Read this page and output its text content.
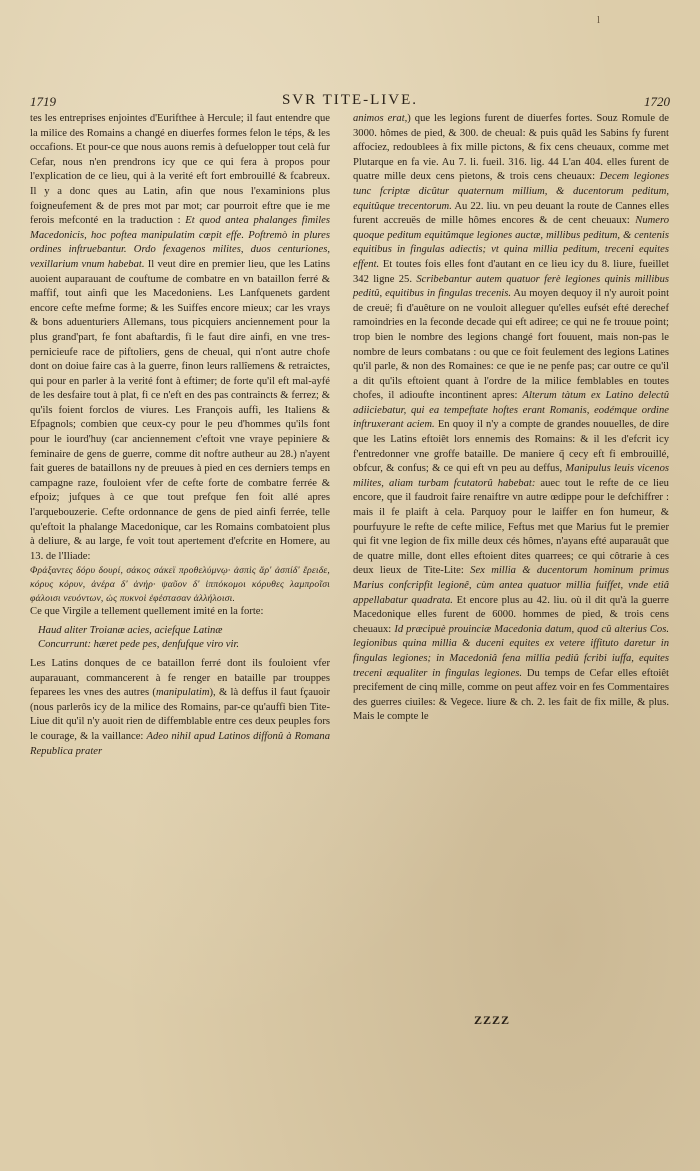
l
1719	SVR TITE-LIVE.	1720

tes les entreprises enjointes d'Eurifthee à Hercule; il faut entendre que la milice des Romains a changé en diuerfes formes felon le téps, & les occafions. Et pour-ce que nous auons remis à defuelopper tout celà fur Cefar, nous n'en prendrons icy que ce qui fera à propos pour l'explication de ce lieu, qui à la verité eft fort embrouillé & fcabreux. Il y a donc ques au Latin, afin que nous l'examinions plus foigneufement & de pres mot par mot; car pourroit eftre que ie me ferois mefconté en la traduction : Et quod antea phalanges fimiles Macedonicis, hoc poftea manipulatim cœpit effe. Poftremò in plures ordines inftruebantur. Ordo fexagenos milites, duos centuriones, vexillarium vnum habebat. Il veut dire en premier lieu, que les Latins auoient auparauant de couftume de combatre en vn bataillon ferré & maffif, tout ainfi que les Macedoniens. Les Lanfquenets gardent encore cefte mefme forme; & les Suiffes encore mieux; car les vrays & bons aduenturiers Allemans, tous picquiers anciennement pour la plus grand'part, fe font abaftardis, fi le faut dire ainfi, en vne tres-pernicieufe race de piftoliers, gens de cheual, qui n'ont autre chofe dont on doiue faire cas à la guerre, finon leurs rallîemens & retraictes, qui pour en parler à la verité font à eftimer; de forte qu'il eft mal-ayfé de les desfaire tout à plat, fi ce n'eft en des pas contraincts & ferrez; & qu'ils foient forclos de viures. Les François auffi, les Italiens & Efpagnols; combien que ceux-cy pour le peu d'hommes qu'ils font pour le iourd'huy (car anciennement c'eftoit vne vraye pepiniere & feminaire de gens de guerre, comme dit noftre autheur au 28.) n'ayent fait gueres de bataillons ny de preuues à pied en ces derniers temps en campagne raze, fouloient vfer de cefte forte de combatre ferrée & efpoiz; jufques à ce que tout prefque fen foit allé apres l'arquebouzerie. Cefte ordonnance de gens de pied ainfi ferrée, telle qu'eftoit la phalange Macedonique, car les Romains combatoient plus à deliure, & au large, fe voit tout apertement d'efcrite en Homere, au 13. de l'Iliade:

Φράξαντες δόρυ δουρί, σάκος σάκεϊ προθελύμνῳ· ἀσπὶς ἄρ' ἀσπίδ' ἔρειδε, κόρυς κόρυν, ἀνέρα δ' ἀνήρ· ψαῦον δ' ἱππόκομοι κόρυθες λαμπροῖσι φάλοισι νευόντων, ὡς πυκνοὶ ἐφέστασαν ἀλλήλοισι.

Ce que Virgile a tellement quellement imité en la forte:

Haud aliter Troianæ acies, aciefque Latinæ
Concurrunt: hæret pede pes, denfufque viro vir.

Les Latins donques de ce bataillon ferré dont ils fouloient vfer auparauant, commancerent à fe renger en bataille par trouppes feparees les vnes des autres (manipulatim), & là deffus il faut fçauoir (nous parlerôs icy de la milice des Romains, par-ce qu'auffi bien Tite-Liue dit qu'il n'y auoit rien de diffemblable entre ces deux peuples fors le courage, & la vaillance: Adeo nihil apud Latinos diffonû à Romana Republica prater

animos erat,) que les legions furent de diuerfes fortes. Souz Romule de 3000. hômes de pied, & 300. de cheual: & puis quâd les Sabins fy furent affociez, redoublees à fix mille pictons, & fix cens cheuaux, comme met Plutarque en fa vie. Au 7. li. fueil. 316. lig. 44 L'an 404. elles furent de quatre mille deux cens pietons, & trois cens cheuaux: Decem legiones tunc fcriptæ dicûtur quaternum millium, & ducentorum peditum, equitûque trecentorum. Au 22. liu. vn peu deuant la route de Cannes elles furent accreuës de mille hômes encores & de cent cheuaux: Numero quoque peditum equitûmque legiones auctæ, millibus peditum, & centenis equitibus in fingulas adiectis; vt quina millia peditum, treceni equites effent. Et toutes fois elles font d'autant en ce lieu icy du 8. liure, fueillet 342 ligne 25. Scribebantur autem quatuor ferè legiones quinis millibus peditû, equitibus in fingulas trecenis. Au moyen dequoy il n'y auroit point de creuë; fi d'auêture on ne vouloit alleguer qu'elles eufsét efté derechef ramoindries en la feconde decade qui eft adiree; ce qui ne fe trouue point; trop bien le nombre des legions changé fort fouuent, mais non-pas le nombre de leurs combatans : ou que ce foit feulement des legions Latines qu'il parle, & non des Romaines: ce que ie ne penfe pas; car outre ce qu'il a dit qu'ils eftoient quant à l'ordre de la milice femblables en toutes chofes, il adioufte incontinent apres: Alterum tàtum ex Latino delectû adiiciebatur, qui ea tempeftate hoftes erant Romanis, eodémque ordine inftruxerant aciem. En quoy il n'y a compte de grandes nouuelles, de dire que les Latins eftoiêt lors ennemis des Romains: & il les d'efcrit icy f'entredonner vne groffe bataille. De maniere q̃ cecy eft fi embrouillé, obfcur, & confus; & ce qui eft vn peu au deffus, Manipulus leuis vicenos milites, aliam turbam fcutatorû habebat: auec tout le refte de ce lieu encore, que il faudroit faire renaiftre vn autre œdippe pour le defchiffrer : mais il fe plaift à cela. Parquoy pour le laiffer en fon humeur, & pourfuyure le refte de cefte milice, Feftus met que Marius fut le premier qui fit vne legion de fix mille deux cés hômes, n'ayans efté auparauât que de quatre mille, dont elles eftoient dites quarrees; ce qui côtrarie à ces deux lieux de Tite-Lite: Sex millia & ducentorum hominum primus Marius confcripfit legionê, cùm antea quatuor millia fuiffet, vnde etiâ appellabatur quadrata. Et encore plus au 42. liu. où il dit qu'à la guerre Macedonique elles furent de 6000. hommes de pied, & trois cens cheuaux: Id præcipuè prouinciæ Macedonia datum, quod cû alterius Cos. legionibus quina millia & duceni equites ex vetere iffituto daretur in fingulas legiones; in Macedoniâ fena millia pediû fcribi iuffa, equites treceni æqualiter in fingulas legiones. Du temps de Cefar elles eftoiêt precifement de cinq mille, comme on peut affez voir en fes Commentaires des guerres ciuiles: & Vegece. liure & ch. 2. les fait de fix mille, & plus. Mais le compte le

ZZZZ
